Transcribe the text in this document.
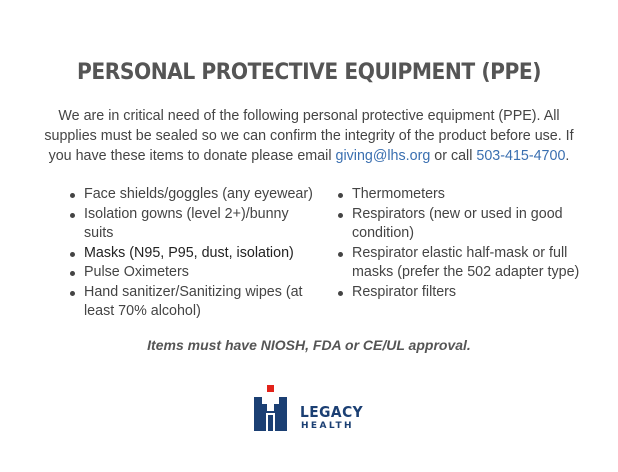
PERSONAL PROTECTIVE EQUIPMENT (PPE)

We are in critical need of the following personal protective equipment (PPE). All supplies must be sealed so we can confirm the integrity of the product before use. If you have these items to donate please email giving@lhs.org or call 503-415-4700.

Face shields/goggles (any eyewear)
Isolation gowns (level 2+)/bunny suits
Masks (N95, P95, dust, isolation)
Pulse Oximeters
Hand sanitizer/Sanitizing wipes (at least 70% alcohol)
Thermometers
Respirators (new or used in good condition)
Respirator elastic half-mask or full masks (prefer the 502 adapter type)
Respirator filters

Items must have NIOSH, FDA or CE/UL approval.

LEGACY
HEALTH
